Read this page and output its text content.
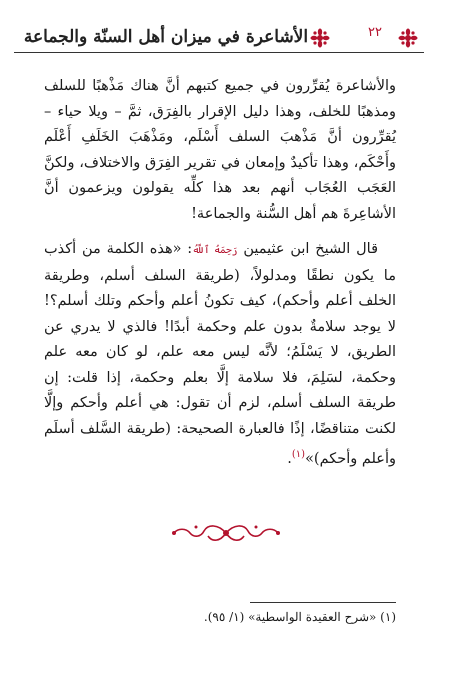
٢٢
الأشاعرة في ميزان أهل السنّة والجماعة

والأشاعرة يُقرِّرون في جميع كتبهم أنَّ هناك مَذْهبًا للسلف ومذهبًا للخلف، وهذا دليل الإقرار بالفِرَق، ثمَّ – ويلا حياء – يُقرِّرون أنَّ مَذْهبَ السلف أَسْلَم، ومَذْهَبَ الخَلَفِ أَعْلَم وأَحْكَم، وهذا تأكيدٌ وإمعان في تقرير الفِرَق والاختلاف، ولكنَّ العَجَب العُجَاب أنهم بعد هذا كلِّه يقولون ويزعمون أنَّ الأشاعِرةَ هم أهل السُّنة والجماعة!

قال الشيخ ابن عثيمين رَحِمَهُ ٱللَّهُ: «هذه الكلمة من أكذب ما يكون نطقًا ومدلولاً، (طريقة السلف أسلم، وطريقة الخلف أعلم وأحكم)، كيف تكونُ أعلم وأحكم وتلك أسلم؟! لا يوجد سلامةٌ بدون علم وحكمة أبدًا! فالذي لا يدري عن الطريق، لا يَسْلَمُ؛ لأنَّه ليس معه علم، لو كان معه علم وحكمة، لسَلِمَ، فلا سلامة إلَّا بعلم وحكمة، إذا قلت: إن طريقة السلف أسلم، لزم أن تقول: هي أعلم وأحكم وإلَّا لكنت متناقضًا، إذًا فالعبارة الصحيحة: (طريقة السَّلف أسلَم وأعلم وأحكم)»$^{(١)}$.

(١) «شرح العقيدة الواسطية» (١/ ٩٥).
